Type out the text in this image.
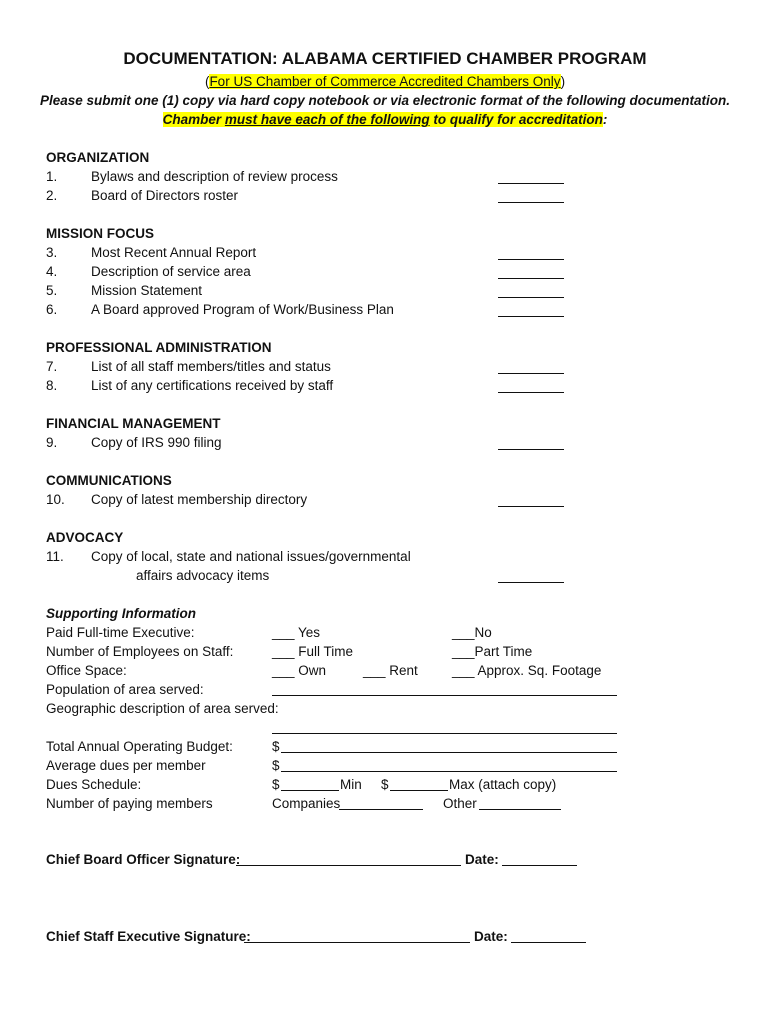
DOCUMENTATION: ALABAMA CERTIFIED CHAMBER PROGRAM
(For US Chamber of Commerce Accredited Chambers Only)
Please submit one (1) copy via hard copy notebook or via electronic format of the following documentation.
Chamber must have each of the following to qualify for accreditation:
ORGANIZATION
1. Bylaws and description of review process
2. Board of Directors roster
MISSION FOCUS
3. Most Recent Annual Report
4. Description of service area
5. Mission Statement
6. A Board approved Program of Work/Business Plan
PROFESSIONAL ADMINISTRATION
7. List of all staff members/titles and status
8. List of any certifications received by staff
FINANCIAL MANAGEMENT
9. Copy of IRS 990 filing
COMMUNICATIONS
10. Copy of latest membership directory
ADVOCACY
11. Copy of local, state and national issues/governmental
affairs advocacy items
Supporting Information
Paid Full-time Executive:	___ Yes	___No
Number of Employees on Staff:	___ Full Time	___Part Time
Office Space:	___ Own	___ Rent	___ Approx. Sq. Footage
Population of area served:
Geographic description of area served:
Total Annual Operating Budget:	$
Average dues per member	$
Dues Schedule:	$	Min $	Max (attach copy)
Number of paying members	Companies	Other
Chief Board Officer Signature:	Date:
Chief Staff Executive Signature:	Date:
